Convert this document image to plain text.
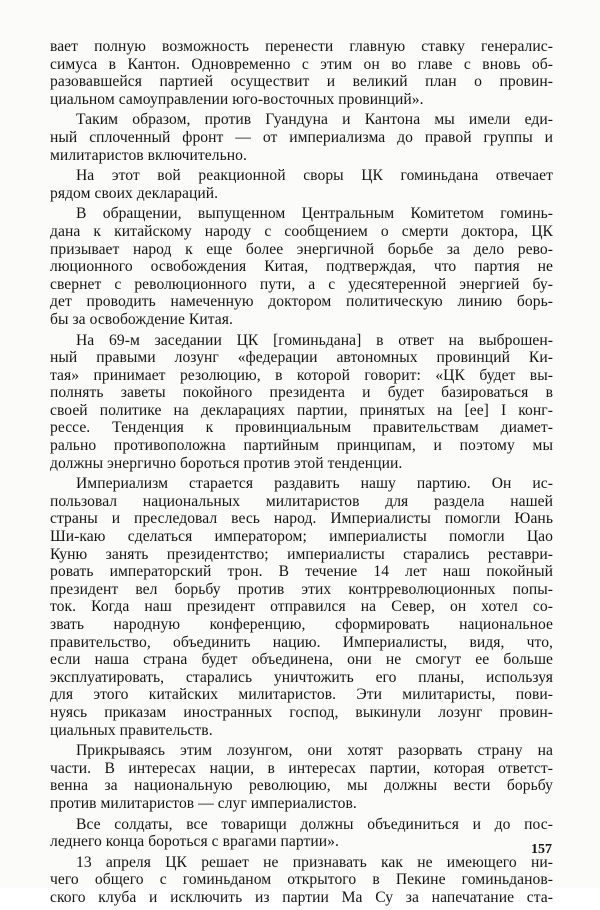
вает полную возможность перенести главную ставку генералис-
симуса в Кантон. Одновременно с этим он во главе с вновь об-
разовавшейся партией осуществит и великий план о провин-
циальном самоуправлении юго-восточных провинций».
Таким образом, против Гуандуна и Кантона мы имели еди-
ный сплоченный фронт — от империализма до правой группы и
милитаристов включительно.
На этот вой реакционной своры ЦК гоминьдана отвечает
рядом своих деклараций.
В обращении, выпущенном Центральным Комитетом гоминь-
дана к китайскому народу с сообщением о смерти доктора, ЦК
призывает народ к еще более энергичной борьбе за дело рево-
люционного освобождения Китая, подтверждая, что партия не
свернет с революционного пути, а с удесятеренной энергией бу-
дет проводить намеченную доктором политическую линию борь-
бы за освобождение Китая.
На 69-м заседании ЦК [гоминьдана] в ответ на выброшен-
ный правыми лозунг «федерации автономных провинций Ки-
тая» принимает резолюцию, в которой говорит: «ЦК будет вы-
полнять заветы покойного президента и будет базироваться в
своей политике на декларациях партии, принятых на [ее] I конг-
рессе. Тенденция к провинциальным правительствам диамет-
рально противоположна партийным принципам, и поэтому мы
должны энергично бороться против этой тенденции.
Империализм старается раздавить нашу партию. Он ис-
пользовал национальных милитаристов для раздела нашей
страны и преследовал весь народ. Империалисты помогли Юань
Ши-каю сделаться императором; империалисты помогли Цао
Куню занять президентство; империалисты старались реставри-
ровать императорский трон. В течение 14 лет наш покойный
президент вел борьбу против этих контрреволюционных попы-
ток. Когда наш президент отправился на Север, он хотел со-
звать народную конференцию, сформировать национальное
правительство, объединить нацию. Империалисты, видя, что,
если наша страна будет объединена, они не смогут ее больше
эксплуатировать, старались уничтожить его планы, используя
для этого китайских милитаристов. Эти милитаристы, пови-
нуясь приказам иностранных господ, выкинули лозунг провин-
циальных правительств.
Прикрываясь этим лозунгом, они хотят разорвать страну на
части. В интересах нации, в интересах партии, которая ответст-
венна за национальную революцию, мы должны вести борьбу
против милитаристов — слуг империалистов.
Все солдаты, все товарищи должны объединиться и до пос-
леднего конца бороться с врагами партии».
13 апреля ЦК решает не признавать как не имеющего ни-
чего общего с гоминьданом открытого в Пекине гоминьданов-
ского клуба и исключить из партии Ма Су за напечатание ста-
157
